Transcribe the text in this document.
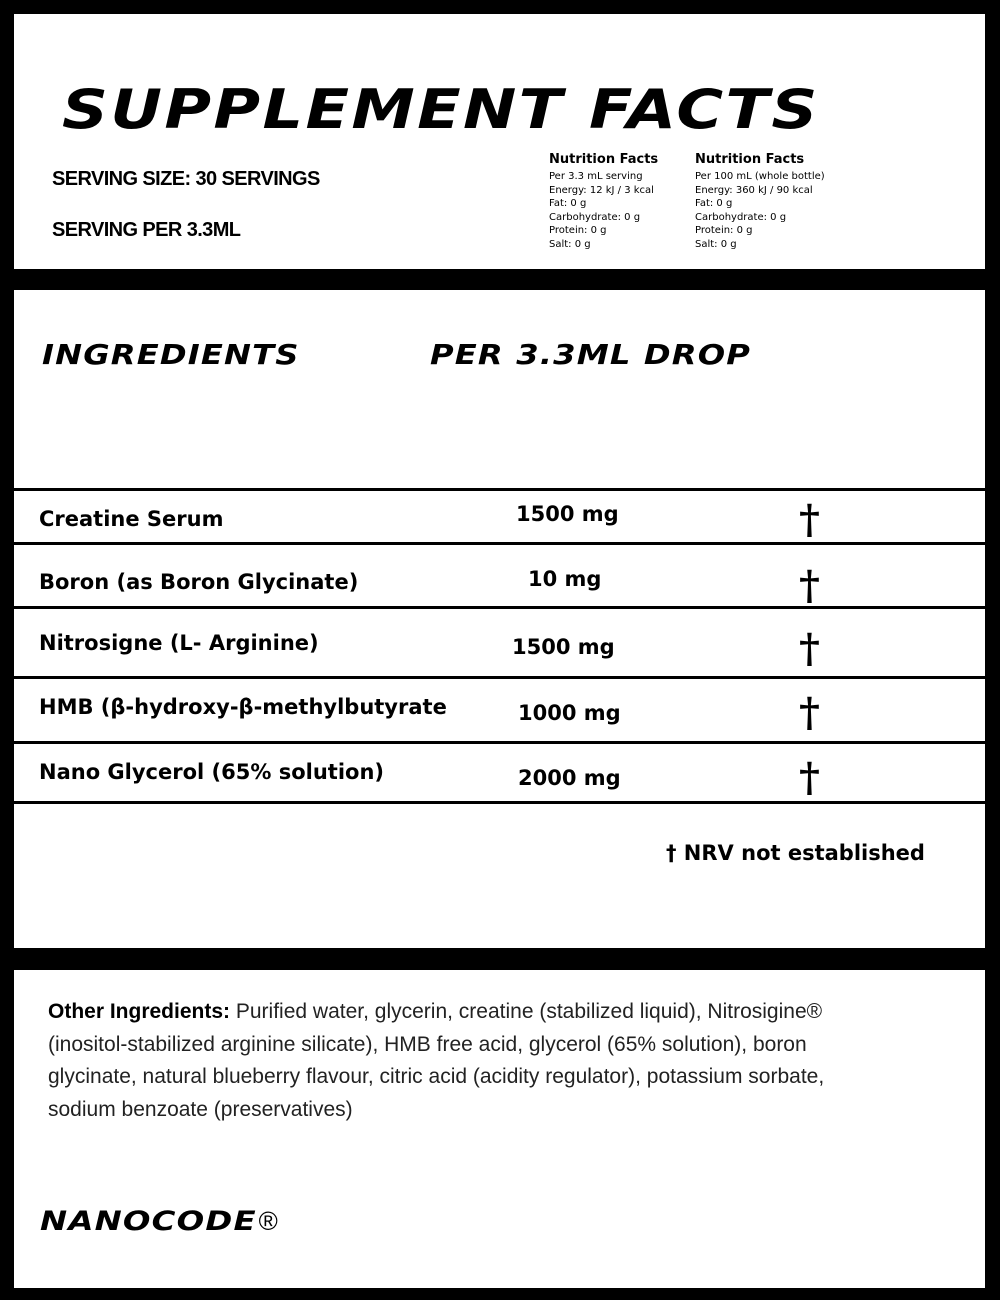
SUPPLEMENT FACTS
SERVING SIZE: 30 SERVINGS
SERVING PER 3.3ML
Nutrition Facts
Per 3.3 mL serving
Energy: 12 kJ / 3 kcal
Fat: 0 g
Carbohydrate: 0 g
Protein: 0 g
Salt: 0 g
Nutrition Facts
Per 100 mL (whole bottle)
Energy: 360 kJ / 90 kcal
Fat: 0 g
Carbohydrate: 0 g
Protein: 0 g
Salt: 0 g
INGREDIENTS	PER 3.3ML DROP
Creatine Serum	1500 mg	†
Boron (as Boron Glycinate)	10 mg	†
Nitrosigne (L- Arginine)	1500 mg	†
HMB (β-hydroxy-β-methylbutyrate	1000 mg	†
Nano Glycerol (65% solution)	2000 mg	†
† NRV not established
Other Ingredients: Purified water, glycerin, creatine (stabilized liquid), Nitrosigine® (inositol-stabilized arginine silicate), HMB free acid, glycerol (65% solution), boron glycinate, natural blueberry flavour, citric acid (acidity regulator), potassium sorbate, sodium benzoate (preservatives)
NANOCODE®
